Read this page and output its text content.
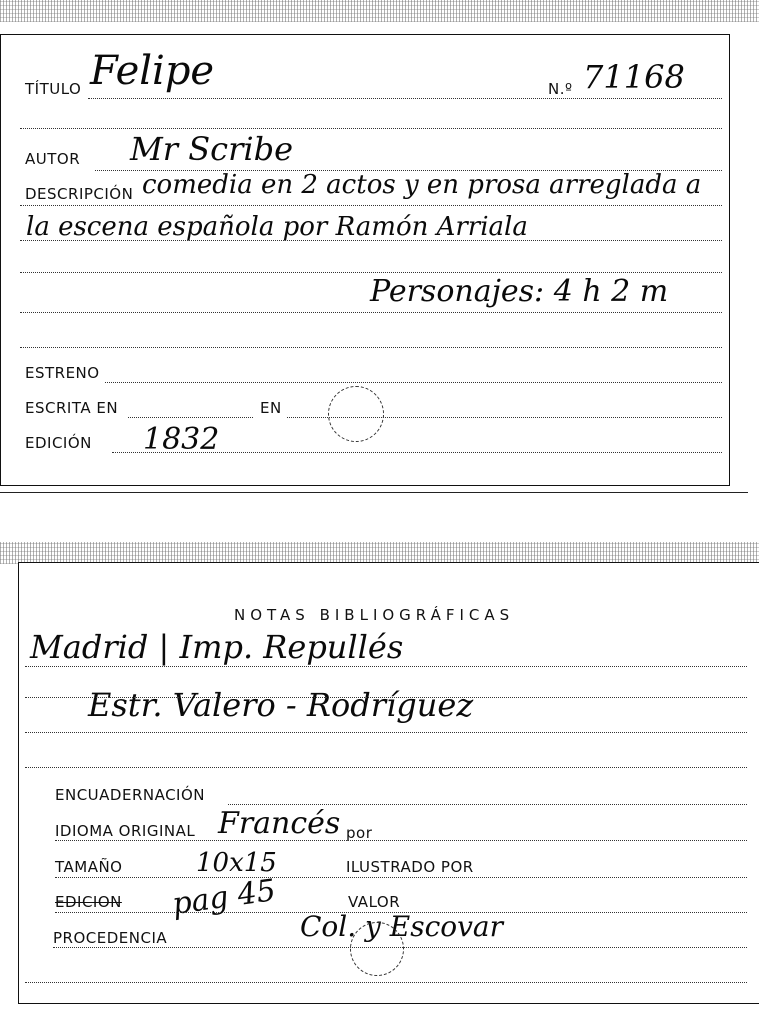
TÍTULO Felipe	N.º 71168
AUTOR Mr Scribe
DESCRIPCIÓN comedia en 2 actos y en prosa arreglada a
la escena española por Ramón Arriala
Personajes: 4 h 2 m
ESTRENO
ESCRITA EN	EN
EDICIÓN 1832
NOTAS BIBLIOGRÁFICAS
Madrid | Imp. Repullés
Estr. Valero - Rodríguez
ENCUADERNACIÓN
IDIOMA ORIGINAL Francés por
TAMAÑO	10x15	ILUSTRADO POR
EDICION pag 45	VALOR
PROCEDENCIA	Col. y Escovar
